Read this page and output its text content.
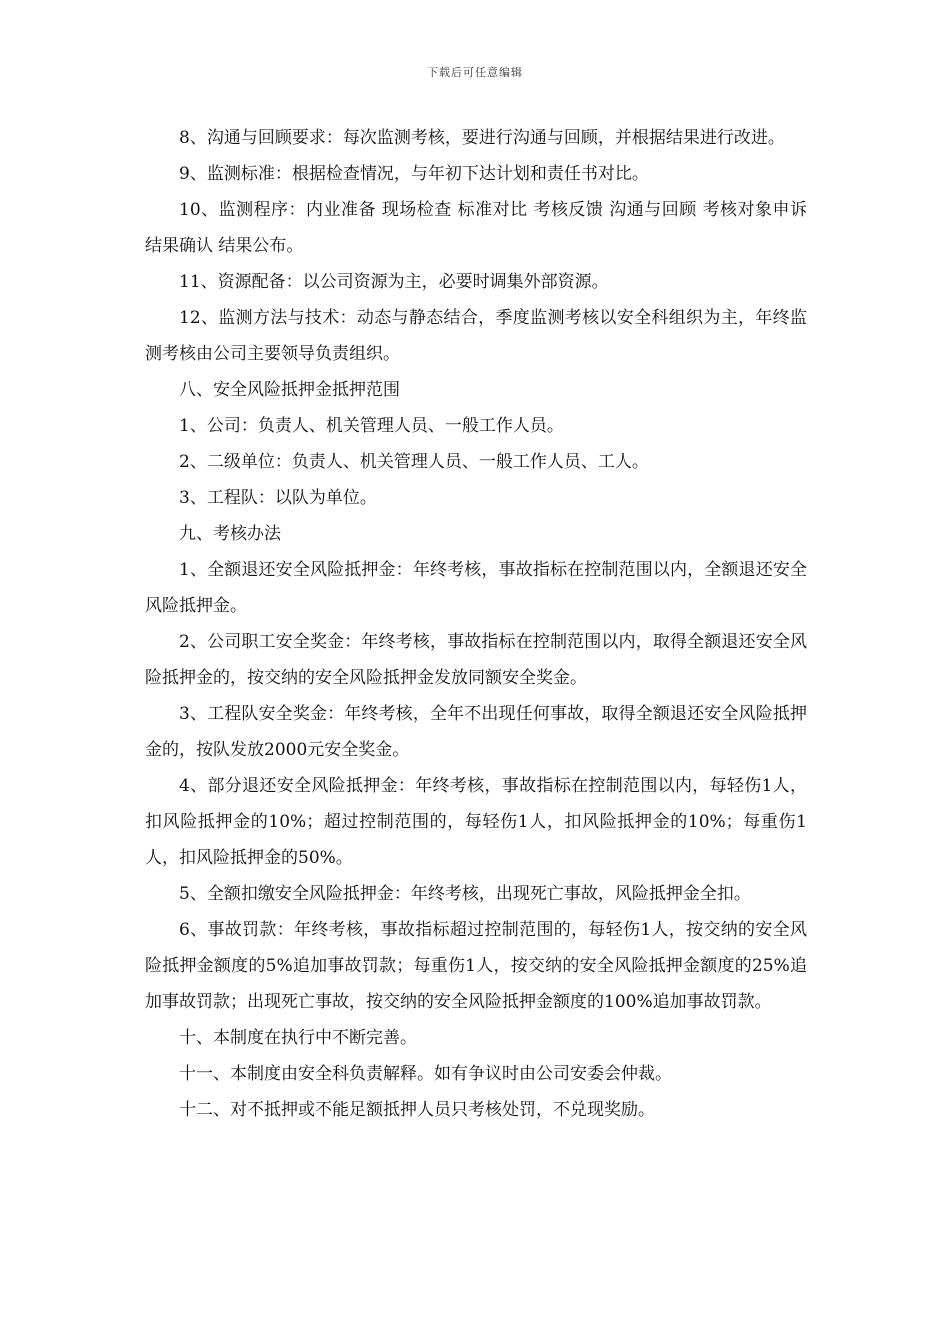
下载后可任意编辑

8、沟通与回顾要求：每次监测考核，要进行沟通与回顾，并根据结果进行改进。

9、监测标准：根据检查情况，与年初下达计划和责任书对比。

10、监测程序：内业准备 现场检查 标准对比 考核反馈 沟通与回顾 考核对象申诉 结果确认 结果公布。

11、资源配备：以公司资源为主，必要时调集外部资源。

12、监测方法与技术：动态与静态结合，季度监测考核以安全科组织为主，年终监测考核由公司主要领导负责组织。

八、安全风险抵押金抵押范围

1、公司：负责人、机关管理人员、一般工作人员。

2、二级单位：负责人、机关管理人员、一般工作人员、工人。

3、工程队：以队为单位。

九、考核办法

1、全额退还安全风险抵押金：年终考核，事故指标在控制范围以内，全额退还安全风险抵押金。

2、公司职工安全奖金：年终考核，事故指标在控制范围以内，取得全额退还安全风险抵押金的，按交纳的安全风险抵押金发放同额安全奖金。

3、工程队安全奖金：年终考核，全年不出现任何事故，取得全额退还安全风险抵押金的，按队发放2000元安全奖金。

4、部分退还安全风险抵押金：年终考核，事故指标在控制范围以内，每轻伤1人，扣风险抵押金的10%；超过控制范围的，每轻伤1人，扣风险抵押金的10%；每重伤1人，扣风险抵押金的50%。

5、全额扣缴安全风险抵押金：年终考核，出现死亡事故，风险抵押金全扣。

6、事故罚款：年终考核，事故指标超过控制范围的，每轻伤1人，按交纳的安全风险抵押金额度的5%追加事故罚款；每重伤1人，按交纳的安全风险抵押金额度的25%追加事故罚款；出现死亡事故，按交纳的安全风险抵押金额度的100%追加事故罚款。

十、本制度在执行中不断完善。

十一、本制度由安全科负责解释。如有争议时由公司安委会仲裁。

十二、对不抵押或不能足额抵押人员只考核处罚，不兑现奖励。
